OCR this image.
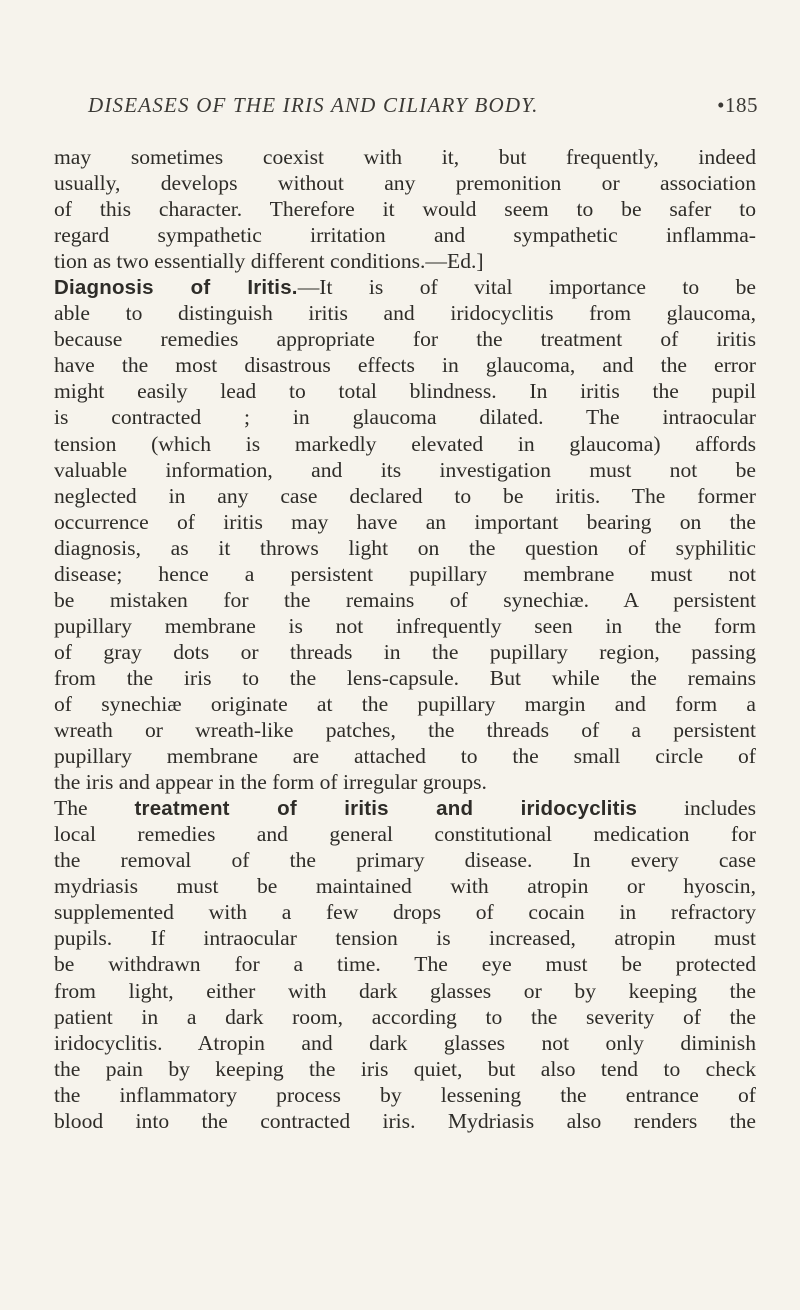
DISEASES OF THE IRIS AND CILIARY BODY.	•185
may sometimes coexist with it, but frequently, indeed
usually, develops without any premonition or association
of this character. Therefore it would seem to be safer to
regard sympathetic irritation and sympathetic inflamma-
tion as two essentially different conditions.—Ed.]
Diagnosis of Iritis.—It is of vital importance to be
able to distinguish iritis and iridocyclitis from glaucoma,
because remedies appropriate for the treatment of iritis
have the most disastrous effects in glaucoma, and the error
might easily lead to total blindness. In iritis the pupil
is contracted ; in glaucoma dilated. The intraocular
tension (which is markedly elevated in glaucoma) affords
valuable information, and its investigation must not be
neglected in any case declared to be iritis. The former
occurrence of iritis may have an important bearing on the
diagnosis, as it throws light on the question of syphilitic
disease; hence a persistent pupillary membrane must not
be mistaken for the remains of synechiæ. A persistent
pupillary membrane is not infrequently seen in the form
of gray dots or threads in the pupillary region, passing
from the iris to the lens-capsule. But while the remains
of synechiæ originate at the pupillary margin and form a
wreath or wreath-like patches, the threads of a persistent
pupillary membrane are attached to the small circle of
the iris and appear in the form of irregular groups.
The treatment of iritis and iridocyclitis includes
local remedies and general constitutional medication for
the removal of the primary disease. In every case
mydriasis must be maintained with atropin or hyoscin,
supplemented with a few drops of cocain in refractory
pupils. If intraocular tension is increased, atropin must
be withdrawn for a time. The eye must be protected
from light, either with dark glasses or by keeping the
patient in a dark room, according to the severity of the
iridocyclitis. Atropin and dark glasses not only diminish
the pain by keeping the iris quiet, but also tend to check
the inflammatory process by lessening the entrance of
blood into the contracted iris. Mydriasis also renders the
